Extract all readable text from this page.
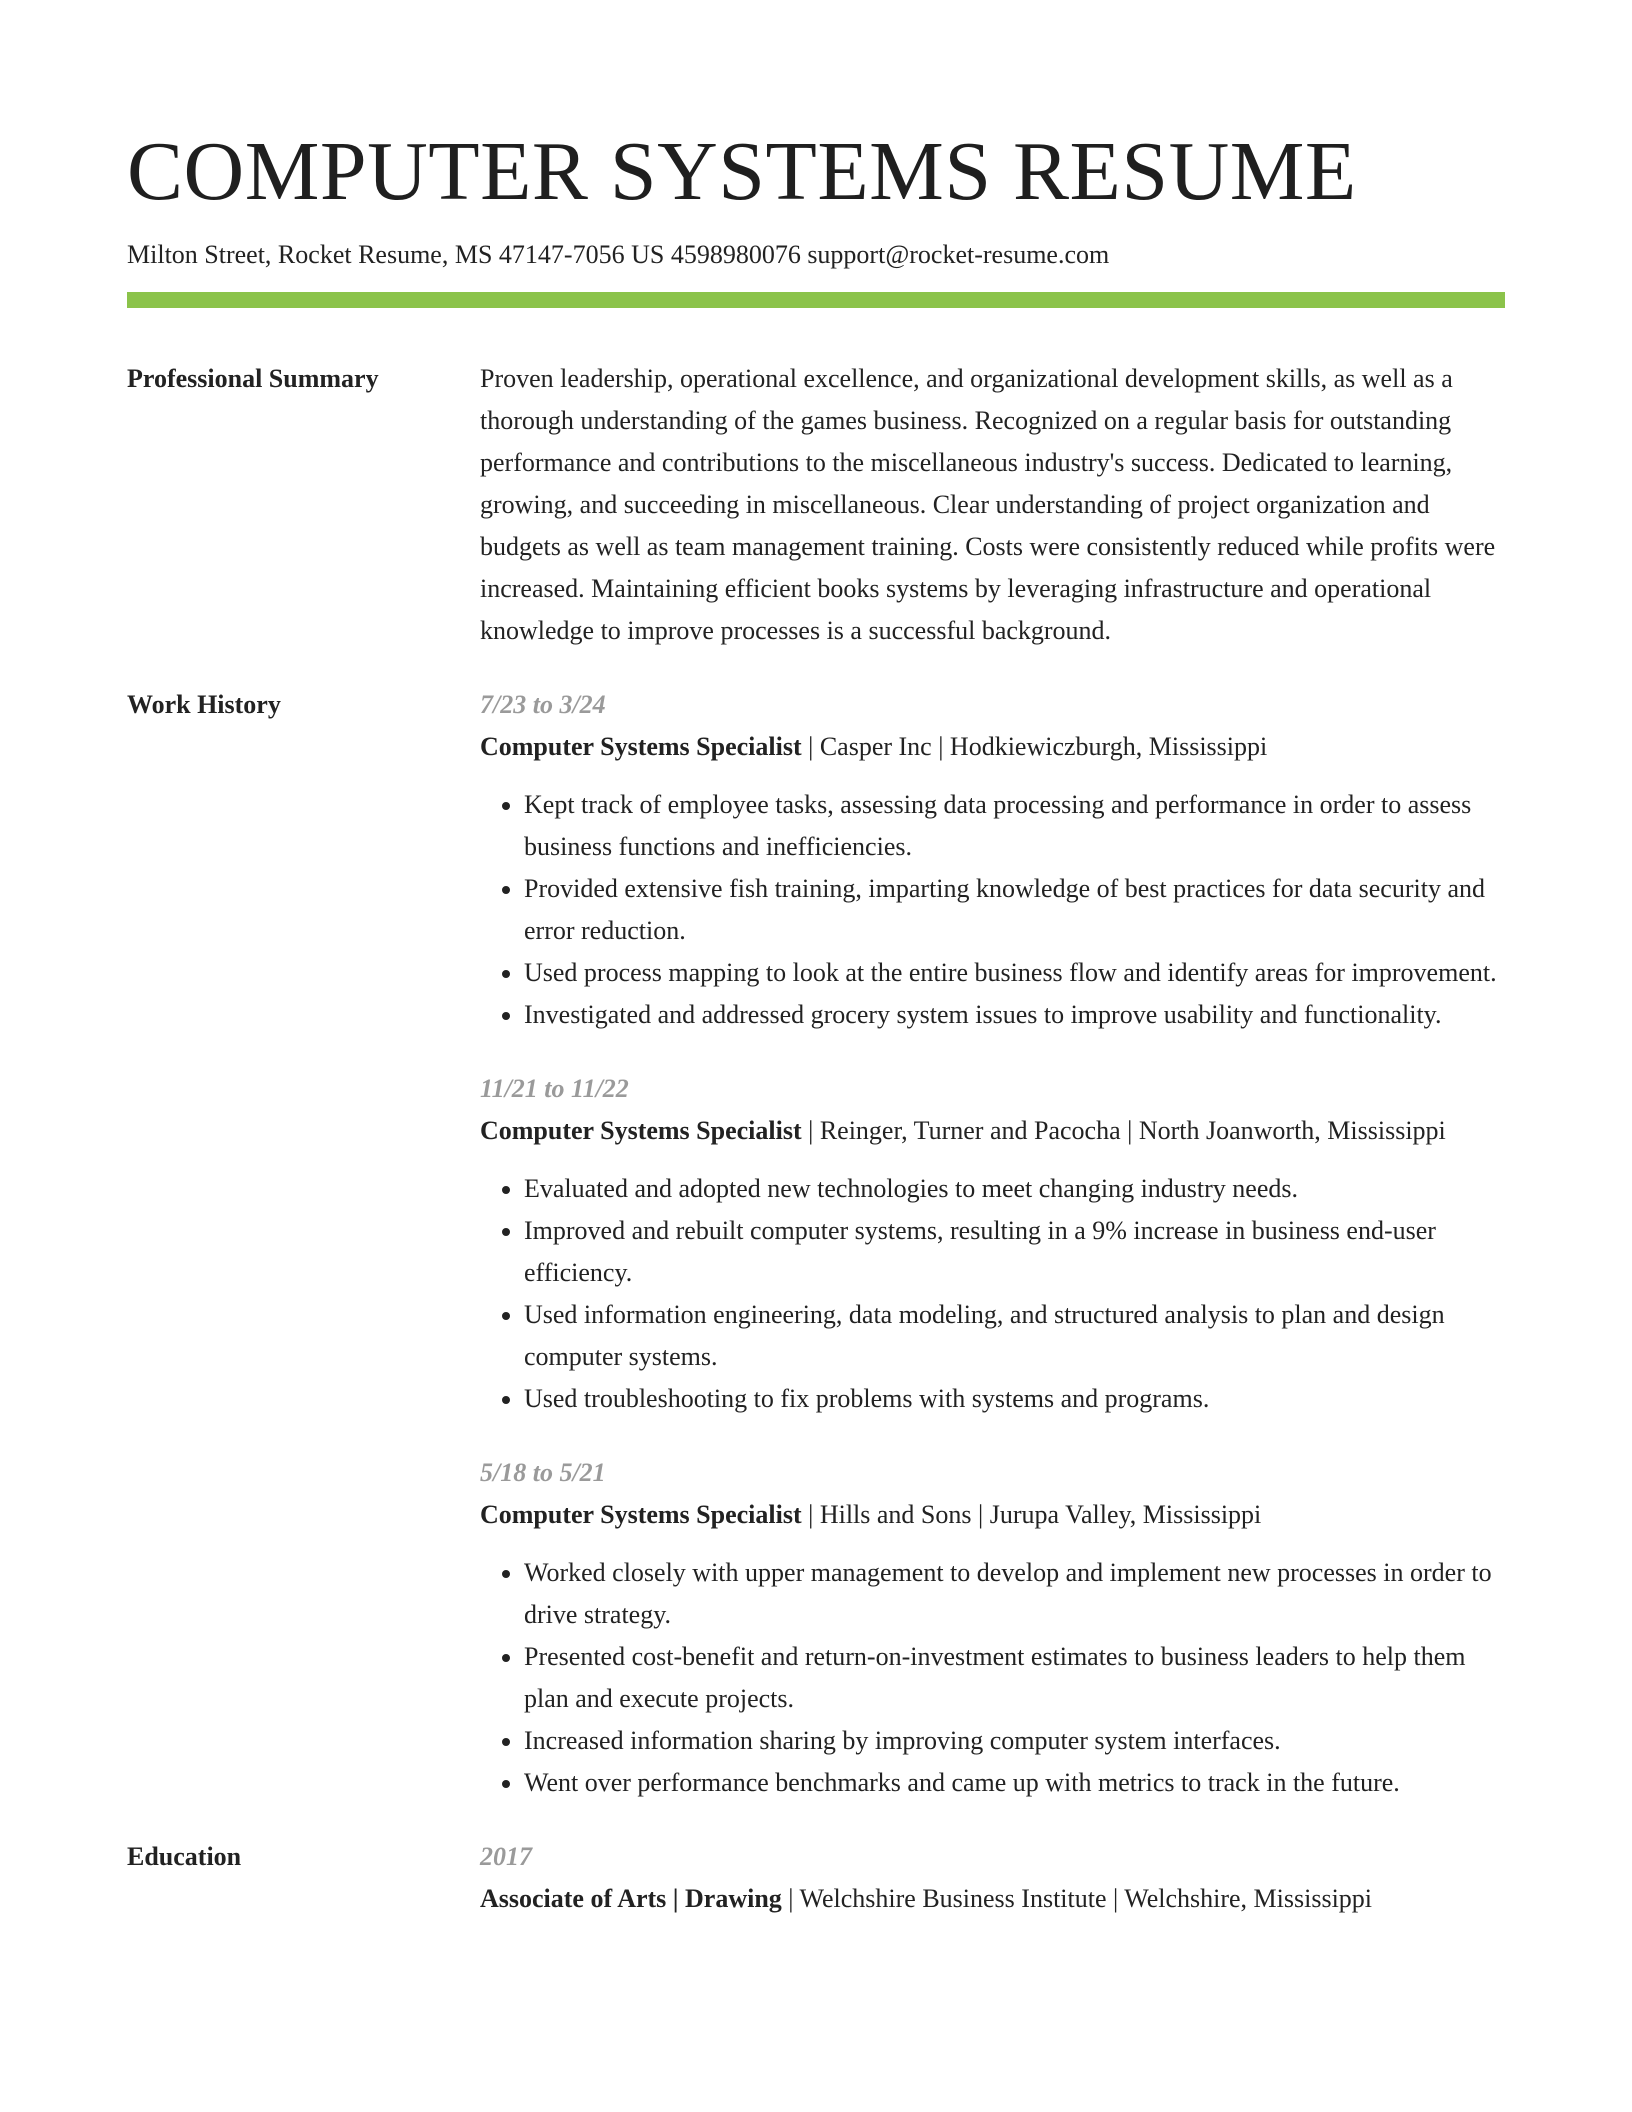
COMPUTER SYSTEMS RESUME
Milton Street, Rocket Resume, MS 47147-7056 US 4598980076 support@rocket-resume.com
Professional Summary	Proven leadership, operational excellence, and organizational development skills, as well as a thorough understanding of the games business. Recognized on a regular basis for outstanding performance and contributions to the miscellaneous industry's success. Dedicated to learning, growing, and succeeding in miscellaneous. Clear understanding of project organization and budgets as well as team management training. Costs were consistently reduced while profits were increased. Maintaining efficient books systems by leveraging infrastructure and operational knowledge to improve processes is a successful background.

Work History	7/23 to 3/24

Computer Systems Specialist | Casper Inc | Hodkiewiczburgh, Mississippi

• Kept track of employee tasks, assessing data processing and performance in order to assess business functions and inefficiencies.
• Provided extensive fish training, imparting knowledge of best practices for data security and error reduction.
• Used process mapping to look at the entire business flow and identify areas for improvement.
• Investigated and addressed grocery system issues to improve usability and functionality.
11/21 to 11/22

Computer Systems Specialist | Reinger, Turner and Pacocha | North Joanworth, Mississippi

• Evaluated and adopted new technologies to meet changing industry needs.
• Improved and rebuilt computer systems, resulting in a 9% increase in business end-user efficiency.
• Used information engineering, data modeling, and structured analysis to plan and design computer systems.
• Used troubleshooting to fix problems with systems and programs.
5/18 to 5/21

Computer Systems Specialist | Hills and Sons | Jurupa Valley, Mississippi

• Worked closely with upper management to develop and implement new processes in order to drive strategy.
• Presented cost-benefit and return-on-investment estimates to business leaders to help them plan and execute projects.
• Increased information sharing by improving computer system interfaces.
• Went over performance benchmarks and came up with metrics to track in the future.
Education	2017

Associate of Arts | Drawing | Welchshire Business Institute | Welchshire, Mississippi
